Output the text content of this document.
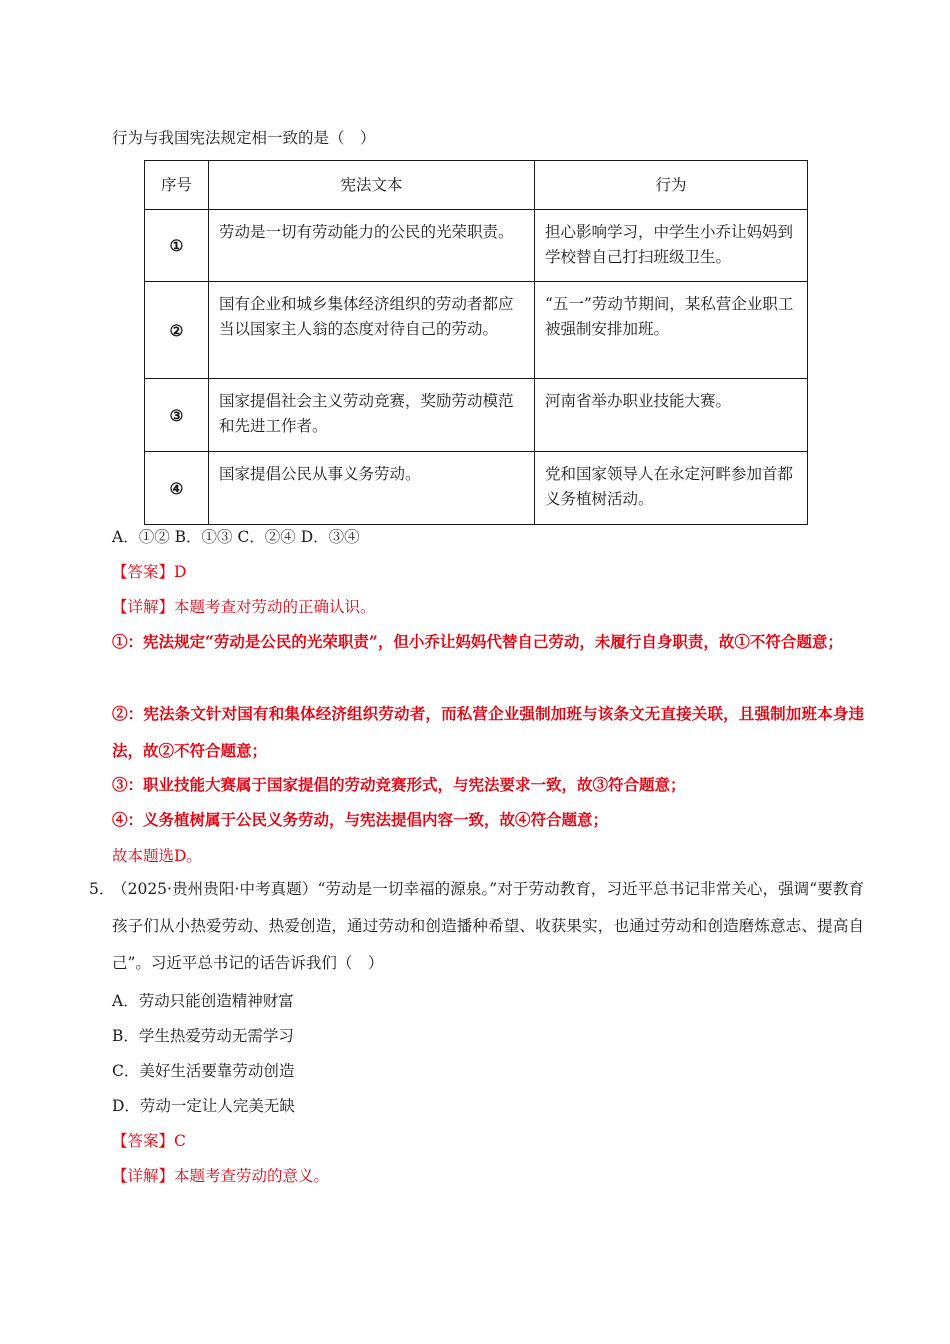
行为与我国宪法规定相一致的是（　）
序号	宪法文本	行为
①	劳动是一切有劳动能力的公民的光荣职责。	担心影响学习，中学生小乔让妈妈到学校替自己打扫班级卫生。
②	国有企业和城乡集体经济组织的劳动者都应当以国家主人翁的态度对待自己的劳动。	“五一”劳动节期间，某私营企业职工被强制安排加班。
③	国家提倡社会主义劳动竞赛，奖励劳动模范和先进工作者。	河南省举办职业技能大赛。
④	国家提倡公民从事义务劳动。	党和国家领导人在永定河畔参加首都义务植树活动。
A．①② B．①③ C．②④ D．③④
【答案】D
【详解】本题考查对劳动的正确认识。
①：宪法规定“劳动是公民的光荣职责”，但小乔让妈妈代替自己劳动，未履行自身职责，故①不符合题意；
②：宪法条文针对国有和集体经济组织劳动者，而私营企业强制加班与该条文无直接关联，且强制加班本身违法，故②不符合题意；
③：职业技能大赛属于国家提倡的劳动竞赛形式，与宪法要求一致，故③符合题意；
④：义务植树属于公民义务劳动，与宪法提倡内容一致，故④符合题意；
故本题选D。
5．
（2025·贵州贵阳·中考真题）“劳动是一切幸福的源泉。”对于劳动教育，习近平总书记非常关心，强调“要教育孩子们从小热爱劳动、热爱创造，通过劳动和创造播种希望、收获果实，也通过劳动和创造磨炼意志、提高自己”。习近平总书记的话告诉我们（　）
A．劳动只能创造精神财富
B．学生热爱劳动无需学习
C．美好生活要靠劳动创造
D．劳动一定让人完美无缺
【答案】C
【详解】本题考查劳动的意义。
